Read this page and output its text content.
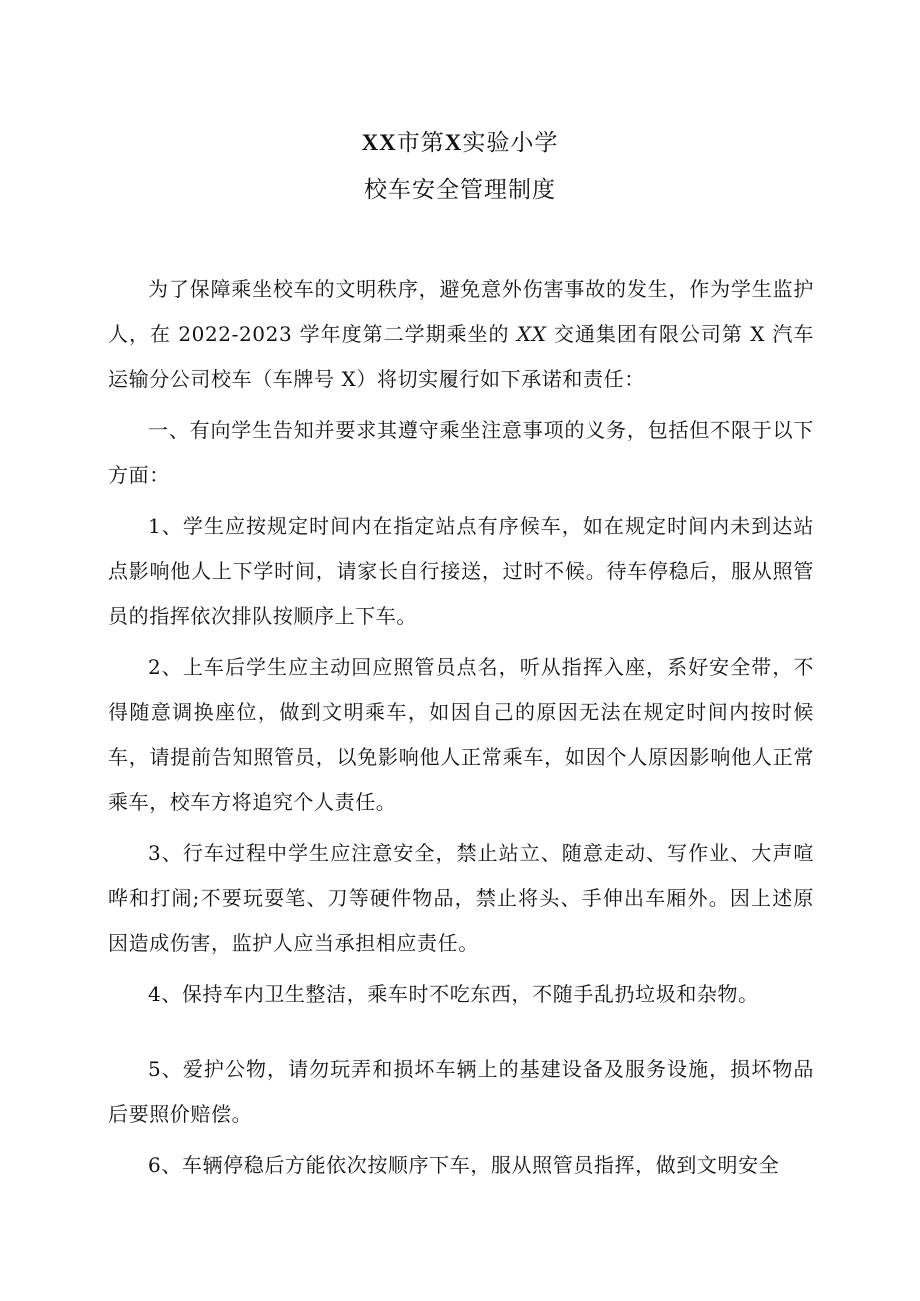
XX市第X实验小学
校车安全管理制度

为了保障乘坐校车的文明秩序，避免意外伤害事故的发生，作为学生监护人，在 2022-2023 学年度第二学期乘坐的 XX 交通集团有限公司第 X 汽车运输分公司校车（车牌号 X）将切实履行如下承诺和责任：

一、有向学生告知并要求其遵守乘坐注意事项的义务，包括但不限于以下方面：

1、学生应按规定时间内在指定站点有序候车，如在规定时间内未到达站点影响他人上下学时间，请家长自行接送，过时不候。待车停稳后，服从照管员的指挥依次排队按顺序上下车。

2、上车后学生应主动回应照管员点名，听从指挥入座，系好安全带，不得随意调换座位，做到文明乘车，如因自己的原因无法在规定时间内按时候车，请提前告知照管员，以免影响他人正常乘车，如因个人原因影响他人正常乘车，校车方将追究个人责任。

3、行车过程中学生应注意安全，禁止站立、随意走动、写作业、大声喧哗和打闹;不要玩耍笔、刀等硬件物品，禁止将头、手伸出车厢外。因上述原因造成伤害，监护人应当承担相应责任。

4、保持车内卫生整洁，乘车时不吃东西，不随手乱扔垃圾和杂物。

5、爱护公物，请勿玩弄和损坏车辆上的基建设备及服务设施，损坏物品后要照价赔偿。

6、车辆停稳后方能依次按顺序下车，服从照管员指挥，做到文明安全
